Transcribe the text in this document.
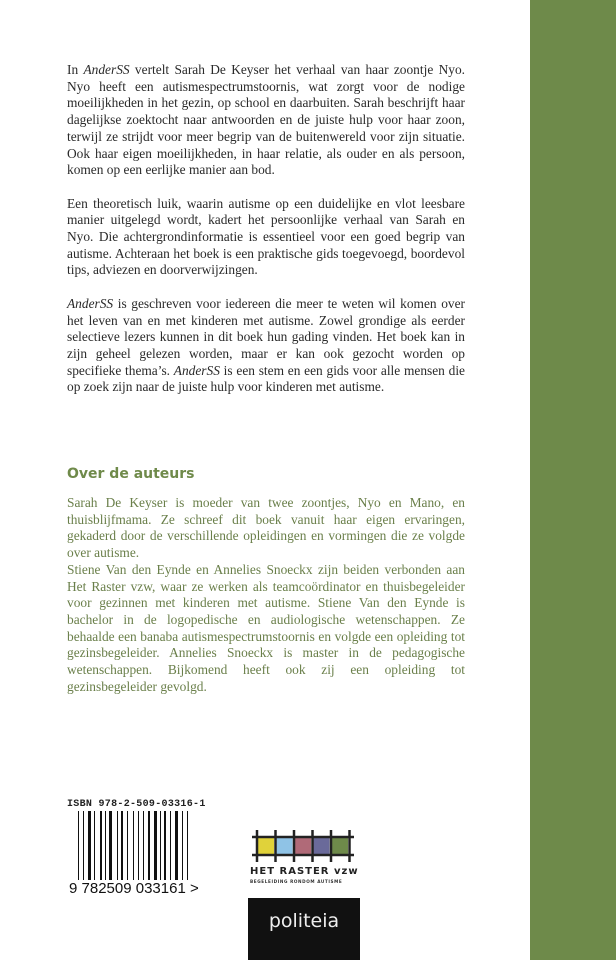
In AnderSS vertelt Sarah De Keyser het verhaal van haar zoontje Nyo. Nyo heeft een autismespectrumstoornis, wat zorgt voor de nodige moeilijkheden in het gezin, op school en daarbuiten. Sarah beschrijft haar dagelijkse zoektocht naar antwoorden en de juiste hulp voor haar zoon, terwijl ze strijdt voor meer begrip van de buitenwereld voor zijn situatie. Ook haar eigen moeilijkheden, in haar relatie, als ouder en als persoon, komen op een eerlijke manier aan bod.

Een theoretisch luik, waarin autisme op een duidelijke en vlot leesbare manier uitgelegd wordt, kadert het persoonlijke verhaal van Sarah en Nyo. Die achtergrondinformatie is essentieel voor een goed begrip van autisme. Achteraan het boek is een praktische gids toegevoegd, boordevol tips, adviezen en doorverwijzingen.

AnderSS is geschreven voor iedereen die meer te weten wil komen over het leven van en met kinderen met autisme. Zowel grondige als eerder selectieve lezers kunnen in dit boek hun gading vinden. Het boek kan in zijn geheel gelezen worden, maar er kan ook gezocht worden op specifieke thema’s. AnderSS is een stem en een gids voor alle mensen die op zoek zijn naar de juiste hulp voor kinderen met autisme.

Over de auteurs

Sarah De Keyser is moeder van twee zoontjes, Nyo en Mano, en thuisblijfmama. Ze schreef dit boek vanuit haar eigen ervaringen, gekaderd door de verschillende opleidingen en vormingen die ze volgde over autisme.

Stiene Van den Eynde en Annelies Snoeckx zijn beiden verbonden aan Het Raster vzw, waar ze werken als teamcoördinator en thuisbegeleider voor gezinnen met kinderen met autisme. Stiene Van den Eynde is bachelor in de logopedische en audiologische wetenschappen. Ze behaalde een banaba autismespectrumstoornis en volgde een opleiding tot gezinsbegeleider. Annelies Snoeckx is master in de pedagogische wetenschappen. Bijkomend heeft ook zij een opleiding tot gezinsbegeleider gevolgd.

ISBN 978-2-509-03316-1
9 782509 033161 >
HET RASTER vzw
BEGELEIDING RONDOM AUTISME
politeia
